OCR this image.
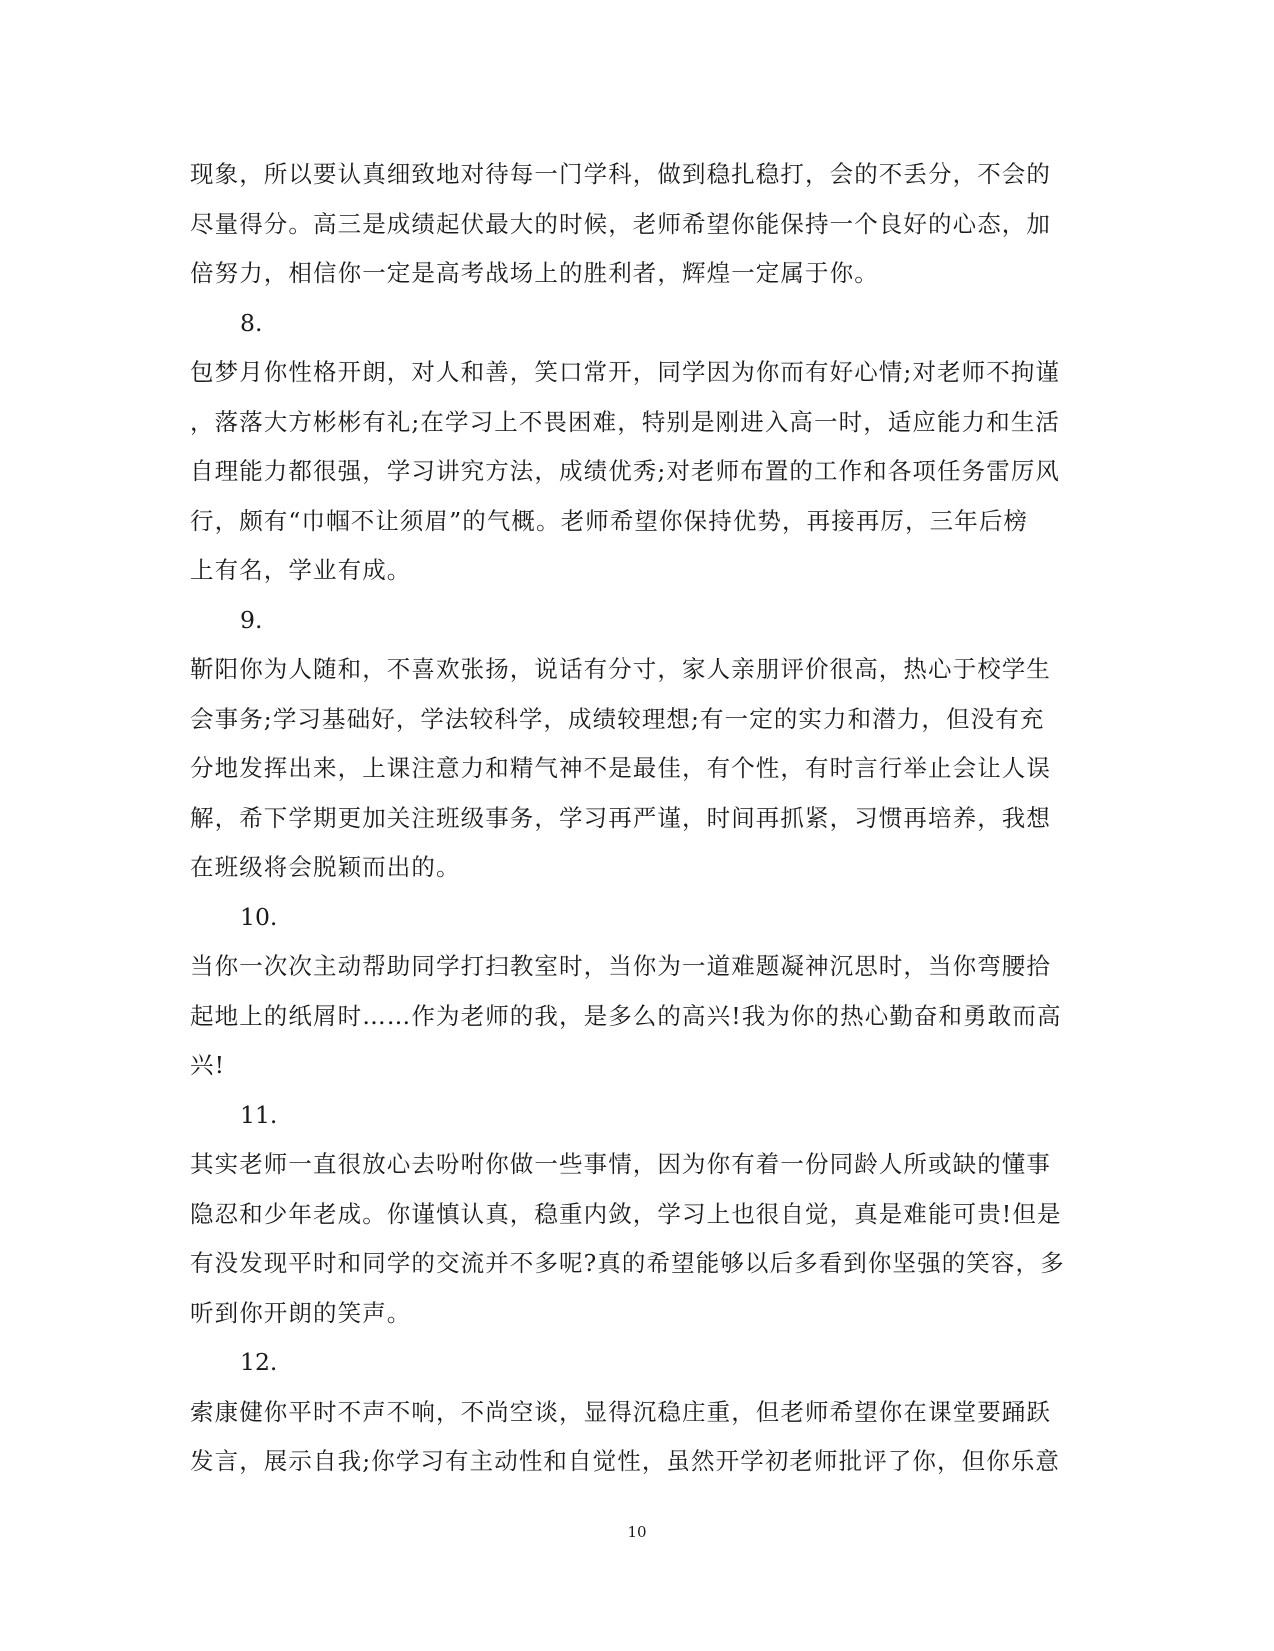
现象，所以要认真细致地对待每一门学科，做到稳扎稳打，会的不丢分，不会的
尽量得分。高三是成绩起伏最大的时候，老师希望你能保持一个良好的心态，加
倍努力，相信你一定是高考战场上的胜利者，辉煌一定属于你。
8.
包梦月你性格开朗，对人和善，笑口常开，同学因为你而有好心情;对老师不拘谨
，落落大方彬彬有礼;在学习上不畏困难，特别是刚进入高一时，适应能力和生活
自理能力都很强，学习讲究方法，成绩优秀;对老师布置的工作和各项任务雷厉风
行，颇有“巾帼不让须眉”的气概。老师希望你保持优势，再接再厉，三年后榜
上有名，学业有成。
9.
靳阳你为人随和，不喜欢张扬，说话有分寸，家人亲朋评价很高，热心于校学生
会事务;学习基础好，学法较科学，成绩较理想;有一定的实力和潜力，但没有充
分地发挥出来，上课注意力和精气神不是最佳，有个性，有时言行举止会让人误
解，希下学期更加关注班级事务，学习再严谨，时间再抓紧，习惯再培养，我想
在班级将会脱颖而出的。
10.
当你一次次主动帮助同学打扫教室时，当你为一道难题凝神沉思时，当你弯腰拾
起地上的纸屑时……作为老师的我，是多么的高兴!我为你的热心勤奋和勇敢而高
兴!
11.
其实老师一直很放心去吩咐你做一些事情，因为你有着一份同龄人所或缺的懂事
隐忍和少年老成。你谨慎认真，稳重内敛，学习上也很自觉，真是难能可贵!但是
有没发现平时和同学的交流并不多呢?真的希望能够以后多看到你坚强的笑容，多
听到你开朗的笑声。
12.
索康健你平时不声不响，不尚空谈，显得沉稳庄重，但老师希望你在课堂要踊跃
发言，展示自我;你学习有主动性和自觉性，虽然开学初老师批评了你，但你乐意
10
